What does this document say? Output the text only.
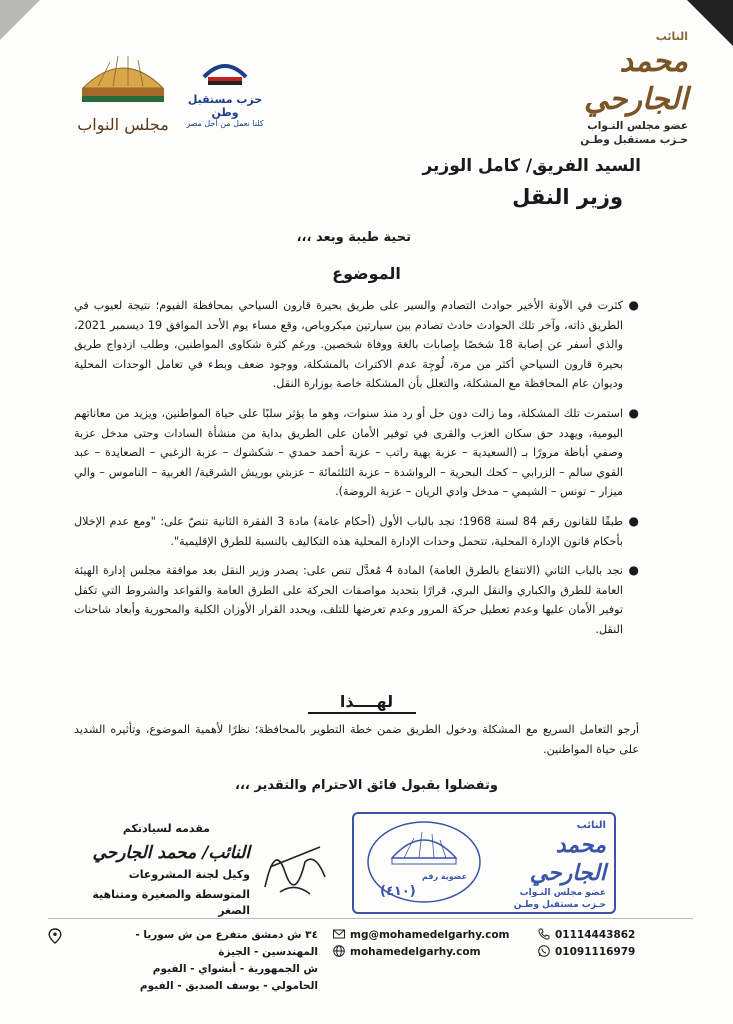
النائب
محمد الجارحي
عضو مجلس النـواب
حـزب مستقبل وطـن
مجلس النواب
حزب مستقبل وطن
كلنا نعمل من أجل مصر
السيد الفريق/ كامل الوزير
وزير النقل
تحية طيبة وبعد ،،،
الموضوع

●
كثرت في الآونة الأخير حوادث التصادم والسير على طريق بحيرة قارون السياحي بمحافظة الفيوم؛ نتيجة لعيوب في الطريق ذاته، وآخر تلك الحوادث حادث تصادم بين سيارتين ميكروباص، وقع مساء يوم الأحد الموافق 19 ديسمبر 2021، والذي أسفر عن إصابة 18 شخصًا بإصابات بالغة ووفاة شخصين. ورغم كثرة شكاوى المواطنين، وطلب ازدواج طريق بحيرة قارون السياحي أكثر من مرة، لُوجِهَ عدم الاكتراث بالمشكلة، ووجود ضعف وبطء في تعامل الوحدات المحلية وديوان عام المحافظة مع المشكلة، والتعلل بأن المشكلة خاصة بوزارة النقل.

●
استمرت تلك المشكلة، وما زالت دون حل أو رد منذ سنوات، وهو ما يؤثر سلبًا على حياة المواطنين، ويزيد من معاناتهم اليومية، ويهدد حق سكان العزب والقرى في توفير الأمان على الطريق بداية من منشأة السادات وحتى مدخل عزبة وصفي أباظة مرورًا بـ (السعيدية – عزبة بهية راتب – عزبة أحمد حمدي – شكشوك – عزبة الزغبي – الصعايدة – عبد القوي سالم – الزرابي – كحك البحرية – الرواشدة – عزبة الثلثمائة – عزبتي بوريش الشرقية/ الغربية – الناموس – والي ميزار – تونس – الشيمي – مدخل وادي الريان – عزبة الروضة).

●
طبقًا للقانون رقم 84 لسنة 1968؛ نجد بالباب الأول (أحكام عامة) مادة 3 الفقرة الثانية تنصّ على: "ومع عدم الإخلال بأحكام قانون الإدارة المحلية، تتحمل وحدات الإدارة المحلية هذه التكاليف بالنسبة للطرق الإقليمية".

●
نجد بالباب الثاني (الانتفاع بالطرق العامة) المادة 4 مُعدَّل تنص على: يصدر وزير النقل بعد موافقة مجلس إدارة الهيئة العامة للطرق والكباري والنقل البري، قرارًا بتحديد مواصفات الحركة على الطرق العامة والقواعد والشروط التي تكفل توفير الأمان عليها وعدم تعطيل حركة المرور وعدم تعرضها للتلف، ويحدد القرار الأوزان الكلية والمحورية وأبعاد شاحنات النقل.

لهــــذا
أرجو التعامل السريع مع المشكلة ودخول الطريق ضمن خطة التطوير بالمحافظة؛ نظرًا لأهمية الموضوع، وتأثيره الشديد على حياة المواطنين.
وتفضلوا بقبول فائق الاحترام والتقدير ،،،
مقدمه لسيادتكم
النائب/ محمد الجارحي
وكيل لجنة المشروعات
المتوسطة والصغيرة ومتناهية الصغر
النائب
محمد الجارحي
عضو مجلس النـواب
حـزب مستقبل وطـن
عضوية رقم
(٤١٠)
٣٤ ش دمشق متفرع من ش سوريا - المهندسين - الجيزة
ش الجمهورية - أبشواي - الفيوم
الحامولي - يوسف الصديق - الفيوم
mg@mohamedelgarhy.com
mohamedelgarhy.com
01114443862
01091116979
